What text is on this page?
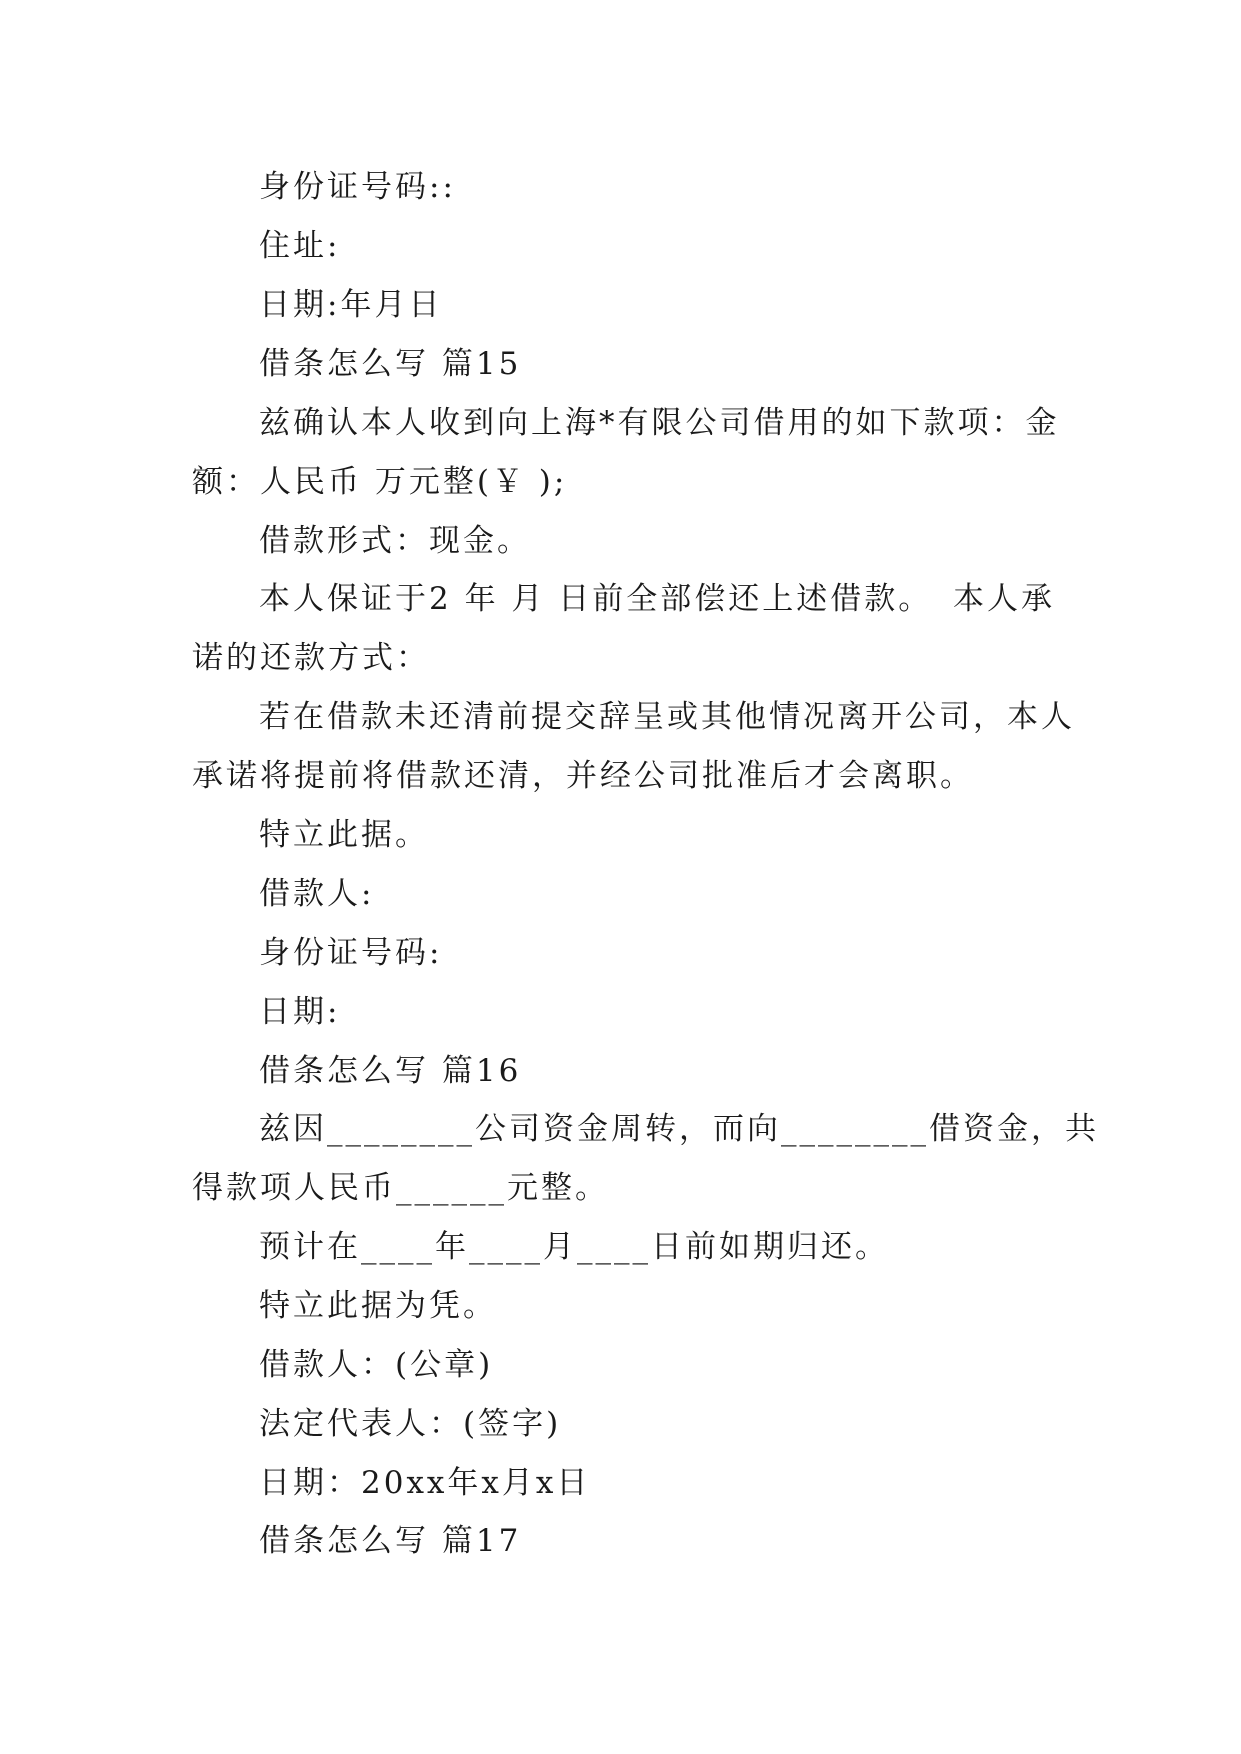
身份证号码::
住址:
日期:年月日
借条怎么写 篇15
兹确认本人收到向上海*有限公司借用的如下款项： 金
额：人民币 万元整(￥ );
借款形式：现金。
本人保证于2 年 月 日前全部偿还上述借款。 本人承
诺的还款方式：
若在借款未还清前提交辞呈或其他情况离开公司，本人
承诺将提前将借款还清，并经公司批准后才会离职。
特立此据。
借款人:
身份证号码:
日期:
借条怎么写 篇16
兹因________公司资金周转，而向________借资金，共
得款项人民币______元整。
预计在____年____月____日前如期归还。
特立此据为凭。
借款人：(公章)
法定代表人：(签字)
日期：20xx年x月x日
借条怎么写 篇17
